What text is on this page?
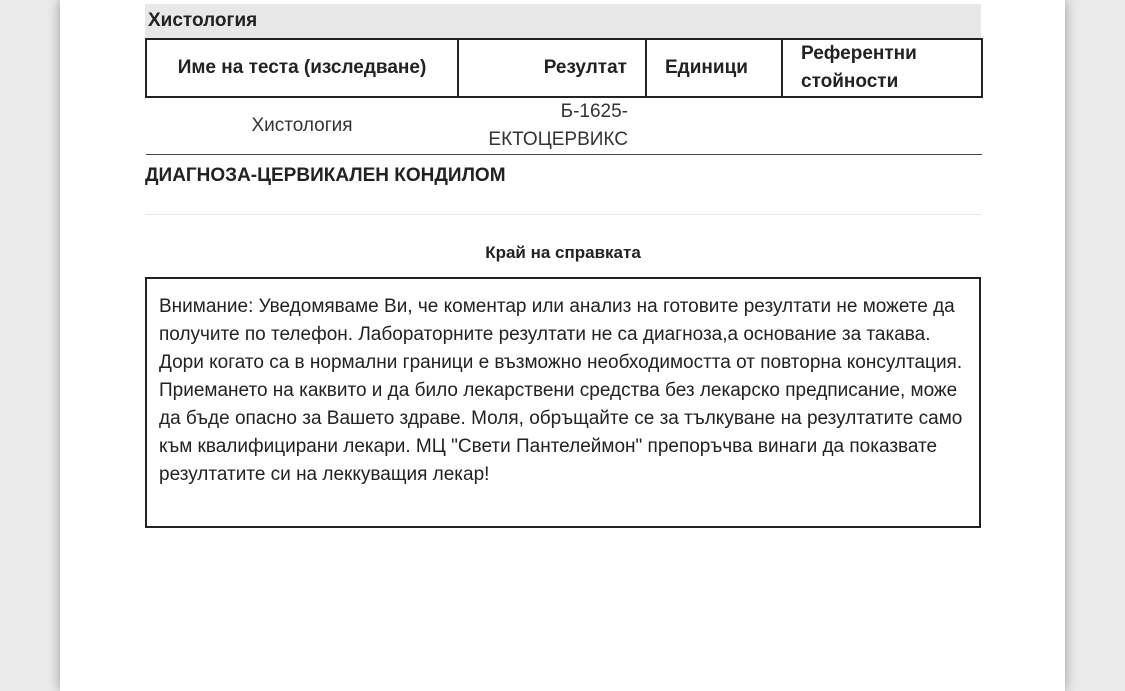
Хистология
Име на теста (изследване)	Резултат	Единици	Референтни
стойности
Хистология	Б-1625-
ЕКТОЦЕРВИКС		
ДИАГНОЗА-ЦЕРВИКАЛЕН КОНДИЛОМ
Край на справката
Внимание: Уведомяваме Ви, че коментар или анализ на готовите резултати не можете да получите по телефон. Лабораторните резултати не са диагноза,а основание за такава. Дори когато са в нормални граници е възможно необходимостта от повторна консултация. Приемането на каквито и да било лекарствени средства без лекарско предписание, може да бъде опасно за Вашето здраве. Моля, обръщайте се за тълкуване на резултатите само към квалифицирани лекари. МЦ "Свети Пантелеймон" препоръчва винаги да показвате резултатите си на леккуващия лекар!
